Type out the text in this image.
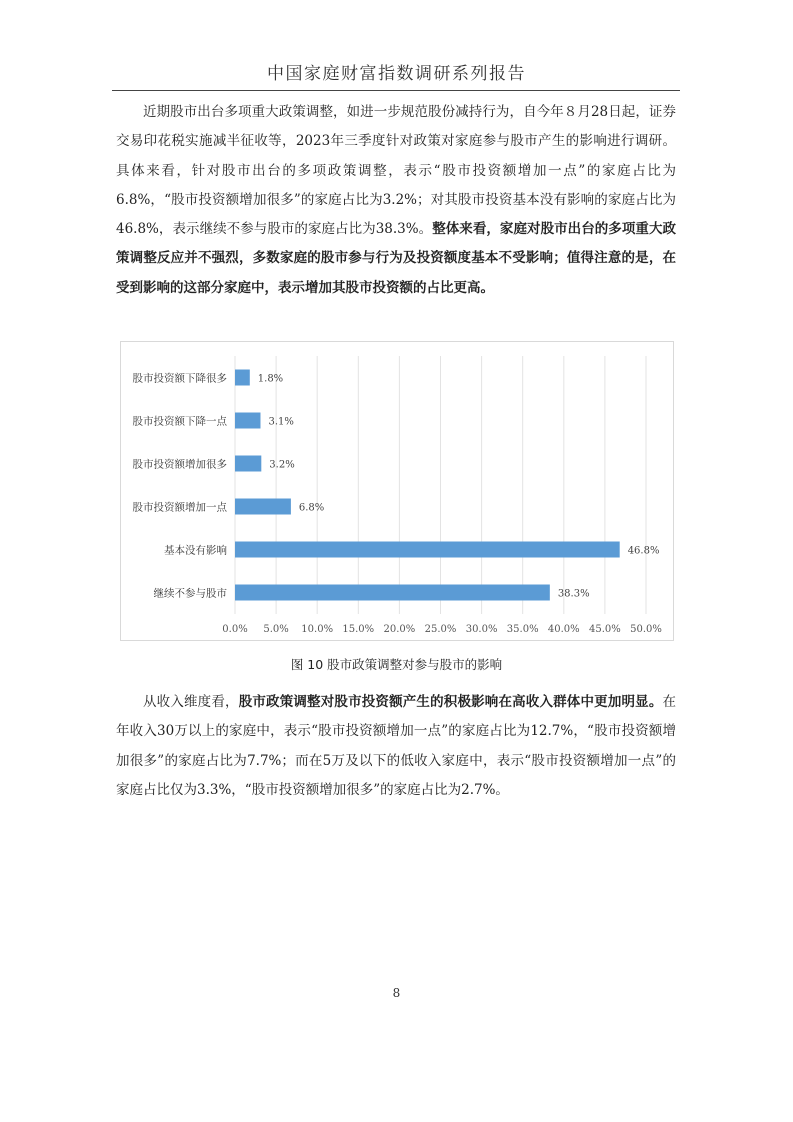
中国家庭财富指数调研系列报告

近期股市出台多项重大政策调整，如进一步规范股份减持行为，自今年８月28日起，证券交易印花税实施减半征收等，2023年三季度针对政策对家庭参与股市产生的影响进行调研。具体来看，针对股市出台的多项政策调整，表示“股市投资额增加一点”的家庭占比为6.8%，“股市投资额增加很多”的家庭占比为3.2%；对其股市投资基本没有影响的家庭占比为46.8%，表示继续不参与股市的家庭占比为38.3%。整体来看，家庭对股市出台的多项重大政策调整反应并不强烈，多数家庭的股市参与行为及投资额度基本不受影响；值得注意的是，在受到影响的这部分家庭中，表示增加其股市投资额的占比更高。

0.0% 5.0% 10.0% 15.0% 20.0% 25.0% 30.0% 35.0% 40.0% 45.0% 50.0%
股市投资额下降很多	1.8%
股市投资额下降一点	3.1%
股市投资额增加很多	3.2%
股市投资额增加一点	6.8%
基本没有影响	46.8%
继续不参与股市	38.3%
图 10 股市政策调整对参与股市的影响

从收入维度看，股市政策调整对股市投资额产生的积极影响在高收入群体中更加明显。在年收入30万以上的家庭中，表示“股市投资额增加一点”的家庭占比为12.7%，“股市投资额增加很多”的家庭占比为7.7%；而在5万及以下的低收入家庭中，表示“股市投资额增加一点”的家庭占比仅为3.3%，“股市投资额增加很多”的家庭占比为2.7%。

8
